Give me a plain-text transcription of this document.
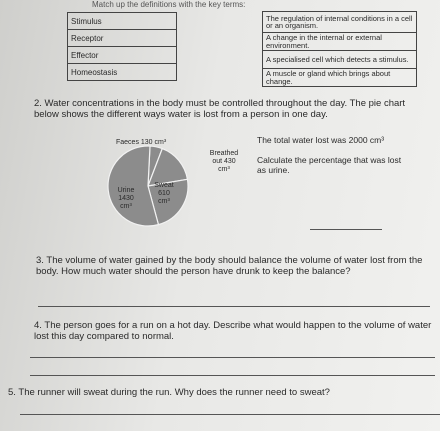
Match up the definitions with the key terms:
Stimulus
Receptor
Effector
Homeostasis
The regulation of internal conditions in a cell or an organism.
A change in the internal or external environment.
A specialised cell which detects a stimulus.
A muscle or gland which brings about change.
2. Water concentrations in the body must be controlled throughout the day. The pie chart below shows the different ways water is lost from a person in one day.
Faeces 130 cm³
Breathed out 430 cm³
Sweat 610 cm³
Urine 1430 cm³
The total water lost was 2000 cm³
Calculate the percentage that was lost as urine.
3. The volume of water gained by the body should balance the volume of water lost from the body. How much water should the person have drunk to keep the balance?
4. The person goes for a run on a hot day. Describe what would happen to the volume of water lost this day compared to normal.
5. The runner will sweat during the run. Why does the runner need to sweat?
